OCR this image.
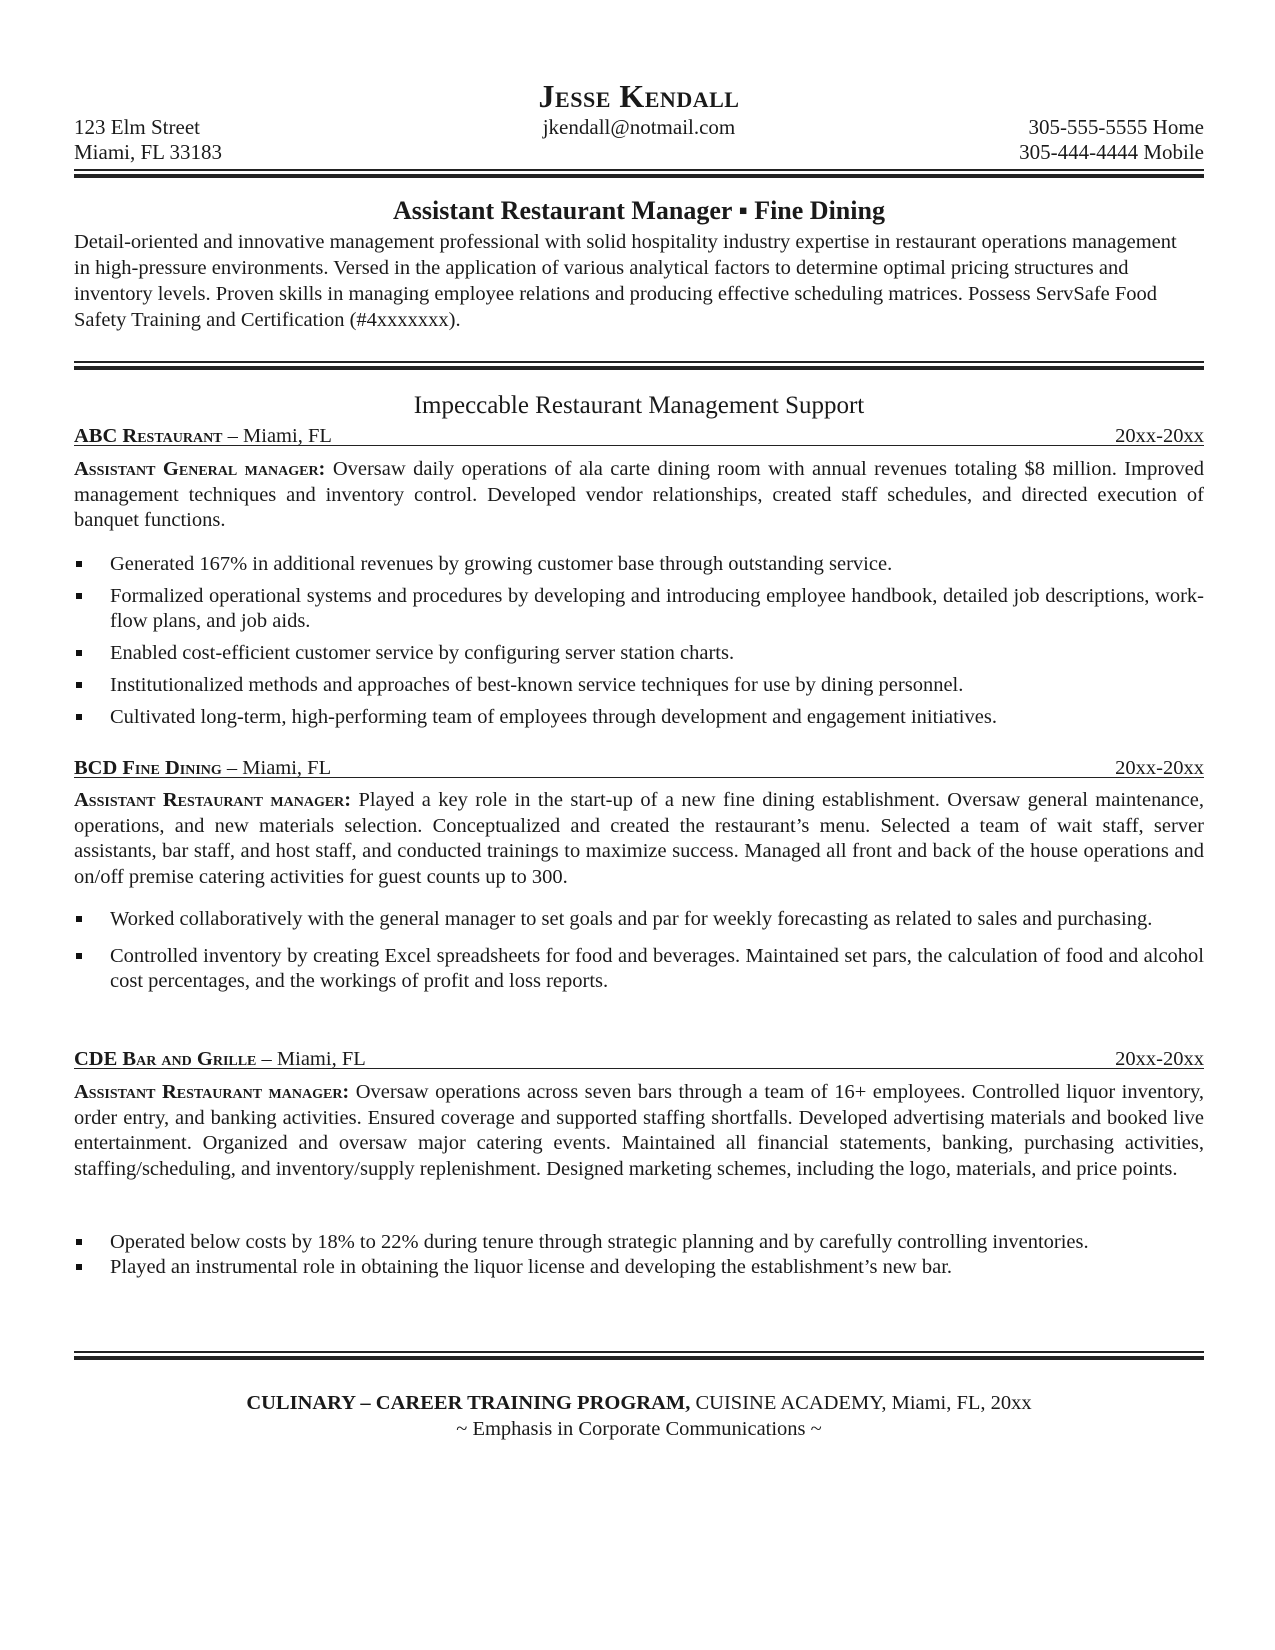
Jesse Kendall
123 Elm Street	jkendall@notmail.com	305-555-5555 Home
Miami, FL 33183	305-444-4444 Mobile
Assistant Restaurant Manager ▪ Fine Dining
Detail-oriented and innovative management professional with solid hospitality industry expertise in restaurant operations management in high-pressure environments. Versed in the application of various analytical factors to determine optimal pricing structures and inventory levels. Proven skills in managing employee relations and producing effective scheduling matrices. Possess ServSafe Food Safety Training and Certification (#4xxxxxxx).
Impeccable Restaurant Management Support
ABC Restaurant – Miami, FL	20xx-20xx
Assistant General manager: Oversaw daily operations of ala carte dining room with annual revenues totaling $8 million. Improved management techniques and inventory control. Developed vendor relationships, created staff schedules, and directed execution of banquet functions.
Generated 167% in additional revenues by growing customer base through outstanding service.
Formalized operational systems and procedures by developing and introducing employee handbook, detailed job descriptions, work-flow plans, and job aids.
Enabled cost-efficient customer service by configuring server station charts.
Institutionalized methods and approaches of best-known service techniques for use by dining personnel.
Cultivated long-term, high-performing team of employees through development and engagement initiatives.
BCD Fine Dining – Miami, FL	20xx-20xx
Assistant Restaurant manager: Played a key role in the start-up of a new fine dining establishment. Oversaw general maintenance, operations, and new materials selection. Conceptualized and created the restaurant’s menu. Selected a team of wait staff, server assistants, bar staff, and host staff, and conducted trainings to maximize success. Managed all front and back of the house operations and on/off premise catering activities for guest counts up to 300.
Worked collaboratively with the general manager to set goals and par for weekly forecasting as related to sales and purchasing.
Controlled inventory by creating Excel spreadsheets for food and beverages. Maintained set pars, the calculation of food and alcohol cost percentages, and the workings of profit and loss reports.
CDE Bar and Grille – Miami, FL	20xx-20xx
Assistant Restaurant manager: Oversaw operations across seven bars through a team of 16+ employees. Controlled liquor inventory, order entry, and banking activities. Ensured coverage and supported staffing shortfalls. Developed advertising materials and booked live entertainment. Organized and oversaw major catering events. Maintained all financial statements, banking, purchasing activities, staffing/scheduling, and inventory/supply replenishment. Designed marketing schemes, including the logo, materials, and price points.
Operated below costs by 18% to 22% during tenure through strategic planning and by carefully controlling inventories.
Played an instrumental role in obtaining the liquor license and developing the establishment’s new bar.
CULINARY – CAREER TRAINING PROGRAM, CUISINE ACADEMY, Miami, FL, 20xx
~ Emphasis in Corporate Communications ~
